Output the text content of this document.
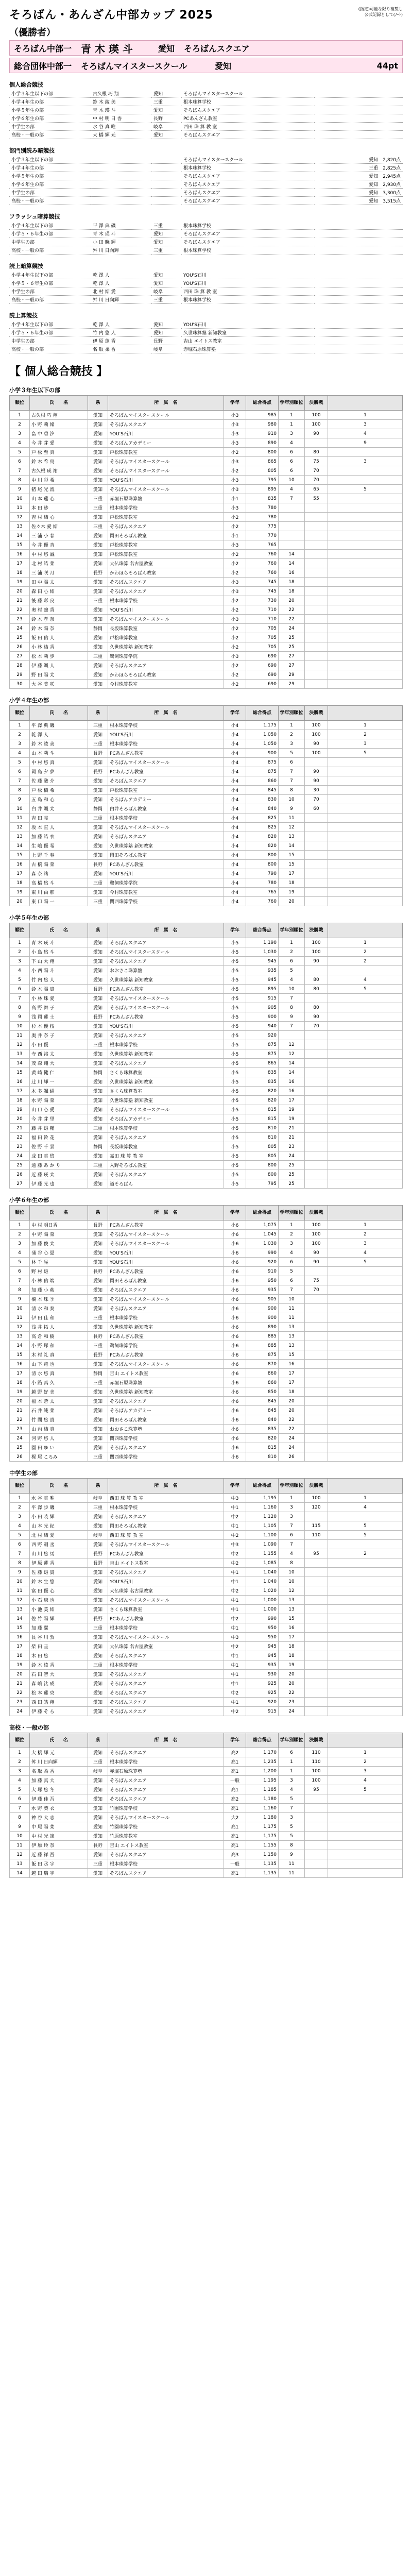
そろばん・あんざん中部カップ 2025
（優勝者）
(指定)可能な限り複製し
公式記録として(ﾉｰﾄ)
そろばん中部一 青 木 瑛 斗	愛知	そろばんスクエア
総合団体中部一	そろばんマイスタースクール	愛知	44pt
個人総合競技
小学３年生以下の部	古久根 巧 翔	愛知	そろばんマイスタースクール	
小学４年生の部	鈴 木 綾 美	三重	根本珠算学校	
小学５年生の部	青 木 瑛 斗	愛知	そろばんスクエア	
小学６年生の部	中 村 明 日 香	長野	PCあんざん教室	
中学生の部	水 谷 真 唯	岐阜	西田 珠 算 教 室	
高校・一般の部	大 橋 輝 元	愛知	そろばんスクエア	
部門別読み暗競技
小学３年生以下の部			そろばんマイスタースクール	愛知　2,820点
小学４年生の部			根本珠算学校	三重　2,825点
小学５年生の部			そろばんスクエア	愛知　2,945点
小学６年生の部			そろばんスクエア	愛知　2,930点
中学生の部			そろばんスクエア	愛知　3,300点
高校・一般の部			そろばんスクエア	愛知　3,515点
フラッシュ暗算競技
小学４年生以下の部	平 澤 典 磯	三重	根本珠算学校	
小学５・６年生の部	青 木 瑛 斗	愛知	そろばんスクエア	
中学生の部	小 田 暁 輝	愛知	そろばんスクエア	
高校・一般の部	舛 川 日向輝	三重	根本珠算学校	
読上暗算競技
小学４年生以下の部	乾 澤 人	愛知	YOU'S石川	
小学５・６年生の部	乾 澤 人	愛知	YOU'S石川	
中学生の部	北 村 結 愛	岐阜	西田 珠 算 教 室	
高校・一般の部	舛 川 日向輝	三重	根本珠算学校	
読上算競技
小学４年生以下の部	乾 澤 人	愛知	YOU'S石川	
小学５・６年生の部	竹 内 悠 人	愛知	久世珠算塾 新知教室	
中学生の部	伊 原 蓮 香	長野	吉山 エイトス教室	
高校・一般の部	名 取 柔 香	岐阜	赤堀石原珠算塾	
【 個人総合競技 】
小学３年生以下の部
順位	氏　　名	県	所　属　名	学年	総合得点	学年別順位	決勝戦	
1	古久根 巧 翔	愛知	そろばんマイスタースクール	小3	985	1	100	1
2	小 野 莉 緒	愛知	そろばんスクエア	小3	980	1	100	3
3	畠 中 碧 汐	愛知	YOU'S石川	小3	910	3	90	4
4	今 井 芽 愛	愛知	そろばんアカデミー	小3	890	4		9
5	戸 松 至 真	愛知	戸松珠算教室	小2	800	6	80	
6	鈴 木 希 鳥	愛知	そろばんマイスタースクール	小3	865	6	75	3
7	古久根 瑛 祐	愛知	そろばんマイスタースクール	小2	805	6	70	
8	中 川 彩 希	愛知	YOU'S石川	小3	795	10	70	
9	猪 尾 光 流	愛知	そろばんマイスタースクール	小3	895	4	65	5
10	山 本 蓮 心	三重	赤堀石原珠算塾	小1	835	7	55	
11	本 田 紗	三重	根本珠算学校	小3	780			
12	吉 村 結 心	愛知	戸松珠算教室	小2	780			
13	佐々木 愛 結	三重	そろばんスクエア	小2	775			
14	三 浦 小 春	愛知	岡田そろばん教室	小1	770			
15	今 井 優 杏	愛知	戸松珠算教室	小3	765			
16	中 村 悠 誠	愛知	戸松珠算教室	小2	760	14		
17	北 村 結 菜	愛知	大仏珠算 名古屋教室	小2	760	14		
18	三 浦 咲 月	長野	かわほらそろばん教室	小2	760	16		
19	田 中 陽 太	愛知	そろばんスクエア	小3	745	18		
20	森 田 心 結	愛知	そろばんスクエア	小3	745	18		
21	後 藤 彩 良	三重	根本珠算学校	小2	730	20		
22	奥 村 凛 香	愛知	YOU'S石川	小2	710	22		
23	鈴 木 孝 奈	愛知	そろばんマイスタースクール	小3	710	22		
24	鈴 木 陽 奈	静岡	長坂珠算教室	小2	705	24		
25	飯 田 佑 人	愛知	戸松珠算教室	小2	705	25		
26	小 林 結 香	愛知	久世珠算塾 新知教室	小2	705	25		
27	松 本 莉 歩	三重	鵜飼珠算学院	小3	690	27		
28	伊 藤 颯 人	愛知	そろばんスクエア	小2	690	27		
29	野 田 陽 太	愛知	かわほらそろばん教室	小2	690	29		
30	大 谷 美 咲	愛知	今村珠算教室	小2	690	29		
小学４年生の部
順位	氏　　名	県	所　属　名	学年	総合得点	学年別順位	決勝戦	
1	平 澤 典 磯	三重	根本珠算学校	小4	1,175	1	100	1
2	乾 澤 人	愛知	YOU'S石川	小4	1,050	2	100	2
3	鈴 木 綾 美	三重	根本珠算学校	小4	1,050	3	90	3
4	山 本 莉 斗	長野	PCあんざん教室	小4	900	5	100	5
5	中 村 悠 真	愛知	そろばんマイスタースクール	小4	875	6		
6	岡 島 夕 夢	長野	PCあんざん教室	小4	875	7	90	
7	佐 藤 駿 介	愛知	そろばんスクエア	小4	860	7	90	
8	戸 松 樹 希	愛知	戸松珠算教室	小4	845	8	30	
9	五 島 和 心	愛知	そろばんアカデミー	小4	830	10	70	
10	白 井 颯 太	静岡	白井そろばん教室	小4	840	9	60	
11	吉 田 亮	三重	根本珠算学校	小4	825	11		
12	坂 本 直 人	愛知	そろばんマイスタースクール	小4	825	12		
13	加 藤 結 衣	愛知	そろばんスクエア	小4	820	13		
14	生 嶋 優 希	愛知	久世珠算塾 新知教室	小4	820	14		
15	上 野 千 春	愛知	岡田そろばん教室	小4	800	15		
16	古 橋 陽 菜	長野	PCあんざん教室	小4	800	15		
17	森 奈 緒	愛知	YOU'S石川	小4	790	17		
18	高 橋 悠 斗	三重	鵜飼珠算学院	小4	780	18		
19	東 川 由 那	愛知	今村珠算教室	小4	765	19		
20	東 口 陽 一	三重	関西珠算学校	小4	760	20		
小学５年生の部
順位	氏　　名	県	所　属　名	学年	総合得点	学年別順位	決勝戦	
1	青 木 瑛 斗	愛知	そろばんスクエア	小5	1,190	1	100	1
2	小 島 悠 斗	愛知	そろばんマイスタースクール	小5	1,030	2	100	2
3	下 山 大 翔	愛知	そろばんスクエア	小5	945	6	90	2
4	小 西 陽 斗	愛知	おおさこ珠算塾	小5	935	5		
5	竹 内 悠 人	愛知	久世珠算塾 新知教室	小5	945	4	80	4
6	鈴 木 陽 貴	長野	PCあんざん教室	小5	895	10	80	5
7	小 林 珠 愛	愛知	そろばんマイスタースクール	小5	915	7		
8	高 野 舞 子	愛知	そろばんマイスタースクール	小5	905	8	80	
9	浅 岡 蓮 士	長野	PCあんざん教室	小5	900	9	90	
10	杉 本 優 桜	愛知	YOU'S石川	小5	940	7	70	
11	奥 井 奈 子	愛知	そろばんスクエア	小5	920			
12	小 田 優	三重	根本珠算学校	小5	875	12		
13	寺 西 裕 太	愛知	久世珠算塾 新知教室	小5	875	12		
14	茂 森 翔 大	愛知	そろばんスクエア	小5	865	14		
15	黄 崎 健 仁	静岡	さくら珠算教室	小5	835	14		
16	辻 川 輝 一	愛知	久世珠算塾 新知教室	小5	835	16		
17	木 多 颯 絹	愛知	さくら珠算教室	小5	820	16		
18	水 野 陽 菜	愛知	久世珠算塾 新知教室	小5	820	17		
19	山 口 心 愛	愛知	そろばんマイスタースクール	小5	815	19		
20	今 井 芽 里	愛知	そろばんアカデミー	小5	815	19		
21	藤 井 雄 輔	三重	根本珠算学校	小5	810	21		
22	福 田 鈴 花	愛知	そろばんスクエア	小5	810	21		
23	佐 野 千 景	静岡	長坂珠算教室	小5	805	23		
24	成 田 真 悠	愛知	嘉田 珠 算 教 室	小5	805	24		
25	遠 藤 あ か り	三重	入野そろばん教室	小5	800	25		
26	近 藤 瑛 太	愛知	そろばんスクエア	小5	800	25		
27	伊 藤 光 也	愛知	道そろばん	小5	795	25		
小学６年生の部
順位	氏　　名	県	所　属　名	学年	総合得点	学年別順位	決勝戦	
1	中 村 明日香	長野	PCあんざん教室	小6	1,075	1	100	1
2	中 野 陽 菜	愛知	そろばんマイスタースクール	小6	1,045	2	100	2
3	加 藤 俊 太	愛知	そろばんマイスタースクール	小6	1,030	3	100	3
4	蒲 谷 心 夏	愛知	YOU'S石川	小6	990	4	90	4
5	林 千 晃	愛知	YOU'S石川	小6	920	6	90	5
6	野 村 雄	長野	PCあんざん教室	小6	910	5		
7	小 林 佑 端	愛知	岡田そろばん教室	小6	950	6	75	
8	加 藤 小 萩	愛知	そろばんスクエア	小6	935	7	70	
9	橋 本 珠 季	愛知	そろばんマイスタースクール	小6	905	10		
10	清 水 和 奏	愛知	そろばんスクエア	小6	900	11		
11	伊 田 佳 和	三重	根本珠算学校	小6	900	11		
12	浅 井 拓 人	愛知	久世珠算塾 新知教室	小6	890	13		
13	高 倉 和 樹	長野	PCあんざん教室	小6	885	13		
14	小 野 塚 和	三重	鵜飼珠算学院	小6	885	13		
15	木 村 礼 真	長野	PCあんざん教室	小6	875	15		
16	山 下 竜 也	愛知	そろばんマイスタースクール	小6	870	16		
17	清 水 悠 真	静岡	吉山 エイトス教室	小6	860	17		
18	小 路 真 久	三重	赤堀石原珠算塾	小6	860	17		
19	越 野 好 美	愛知	久世珠算塾 新知教室	小6	850	18		
20	福 本 蒼 太	愛知	そろばんスクエア	小6	845	20		
21	石 井 純 菜	愛知	そろばんアカデミー	小6	845	20		
22	竹 間 悠 貴	愛知	岡田そろばん教室	小6	840	22		
23	山 内 結 真	愛知	おおさこ珠算塾	小6	835	22		
24	河 野 悠 人	愛知	関西珠算学校	小6	820	24		
25	園 田 ゆ い	愛知	そろばんスクエア	小6	815	24		
26	梶 尾 ころみ	三重	関西珠算学校	小6	810	26		
中学生の部
順位	氏　　名	県	所　属　名	学年	総合得点	学年別順位	決勝戦	
1	水 谷 真 唯	岐阜	西田 珠 算 教 室	中3	1,195	1	100	1
2	平 澤 歩 磯	三重	根本珠算学校	中1	1,160	3	120	4
3	小 田 暁 輝	愛知	そろばんスクエア	中2	1,120	3		
4	山 本 光 紀	愛知	岡田そろばん教室	中1	1,105	7	115	5
5	北 村 結 愛	岐阜	西田 珠 算 教 室	中2	1,100	6	110	5
6	西 野 剛 丞	愛知	そろばんマイスタースクール	中3	1,090	7		
7	山 川 悠 馬	長野	PCあんざん教室	中2	1,155	4	95	2
8	伊 原 蓮 香	長野	吉山 エイトス教室	中2	1,085	8		
9	佐 藤 雄 貴	愛知	そろばんスクエア	中1	1,040	10		
10	鈴 木 生 悠	愛知	YOU'S石川	中1	1,040	10		
11	富 田 優 心	愛知	大仏珠算 名古屋教室	中2	1,020	12		
12	小 石 康 也	愛知	そろばんマイスタースクール	中1	1,000	13		
13	小 池 美 結	愛知	さくら珠算教室	中1	1,000	13		
14	佐 竹 陽 輝	長野	PCあんざん教室	中2	990	15		
15	加 藤 翼	三重	根本珠算学校	中1	950	16		
16	長 谷 川 敦	愛知	そろばんマイスタースクール	中3	950	17		
17	柴 田 圭	愛知	大仏珠算 名古屋教室	中2	945	18		
18	木 田 悠	愛知	そろばんスクエア	中1	945	18		
19	鈴 木 綾 香	三重	根本珠算学校	中1	935	19		
20	石 田 智 大	愛知	そろばんスクエア	中1	930	20		
21	森 嶋 汰 成	愛知	そろばんスクエア	中1	925	20		
22	松 本 蓮 央	愛知	そろばんスクエア	中2	925	22		
23	西 田 皓 翔	愛知	そろばんスクエア	中1	920	23		
24	伊 藤 そ ら	愛知	そろばんスクエア	中2	915	24		
高校・一般の部
順位	氏　　名	県	所　属　名	学年	総合得点	学年別順位	決勝戦	
1	大 橋 輝 元	愛知	そろばんスクエア	高2	1,170	6	110	1
2	舛 川 日向輝	三重	根本珠算学校	高1	1,235	1	110	2
3	名 取 柔 香	岐阜	赤堀石原珠算塾	高1	1,200	1	100	3
4	加 藤 真 大	愛知	そろばんスクエア	一般	1,195	3	100	4
5	大 塚 悠 冬	愛知	そろばんスクエア	高1	1,185	4	95	5
6	伊 藤 佳 吾	愛知	そろばんスクエア	高2	1,180	5		
7	水 野 葵 衣	愛知	竹園珠算学校	高1	1,160	7		
8	神 谷 大 志	愛知	そろばんマイスタースクール	大2	1,180	3		
9	中 尾 陽 菜	愛知	竹園珠算学校	高1	1,175	5		
10	中 村 光 凜	愛知	竹原珠算教室	高1	1,175	5		
11	伊 原 玲 奈	長野	吉山 エイトス教室	高1	1,155	8		
12	近 藤 祥 吾	愛知	そろばんスクエア	高3	1,150	9		
13	飯 田 丞 宇	三重	根本珠算学校	一般	1,135	11		
14	越 田 瑞 宇	愛知	そろばんスクエア	高1	1,135	11		
